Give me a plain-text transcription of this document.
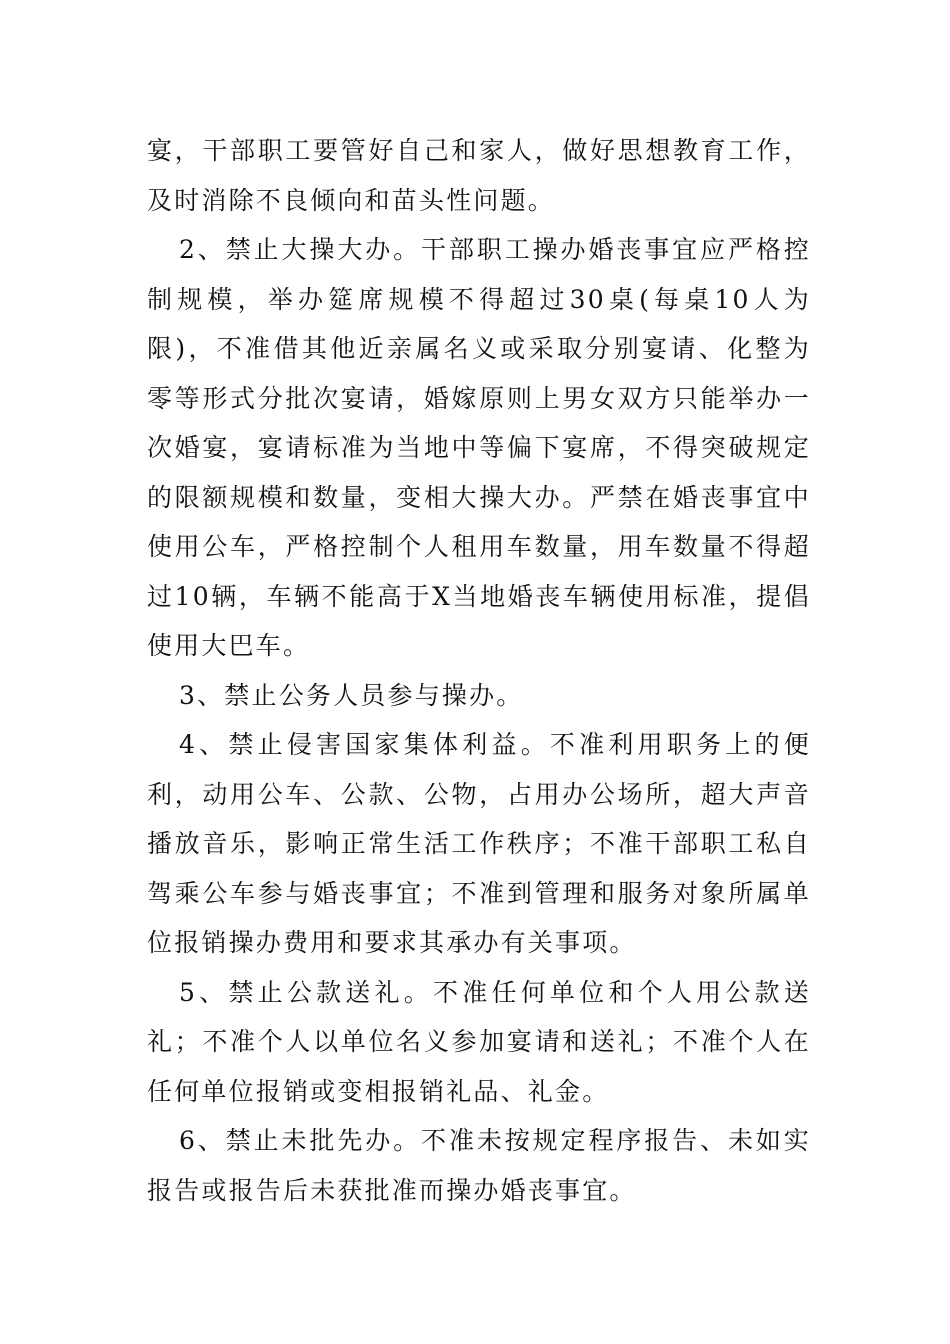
宴，干部职工要管好自己和家人，做好思想教育工作，及时消除不良倾向和苗头性问题。

2、禁止大操大办。干部职工操办婚丧事宜应严格控制规模，举办筵席规模不得超过30桌(每桌10人为限)，不准借其他近亲属名义或采取分别宴请、化整为零等形式分批次宴请，婚嫁原则上男女双方只能举办一次婚宴，宴请标准为当地中等偏下宴席，不得突破规定的限额规模和数量，变相大操大办。严禁在婚丧事宜中使用公车，严格控制个人租用车数量，用车数量不得超过10辆，车辆不能高于X当地婚丧车辆使用标准，提倡使用大巴车。

3、禁止公务人员参与操办。

4、禁止侵害国家集体利益。不准利用职务上的便利，动用公车、公款、公物，占用办公场所，超大声音播放音乐，影响正常生活工作秩序；不准干部职工私自驾乘公车参与婚丧事宜；不准到管理和服务对象所属单位报销操办费用和要求其承办有关事项。

5、禁止公款送礼。不准任何单位和个人用公款送礼；不准个人以单位名义参加宴请和送礼；不准个人在任何单位报销或变相报销礼品、礼金。

6、禁止未批先办。不准未按规定程序报告、未如实报告或报告后未获批准而操办婚丧事宜。
